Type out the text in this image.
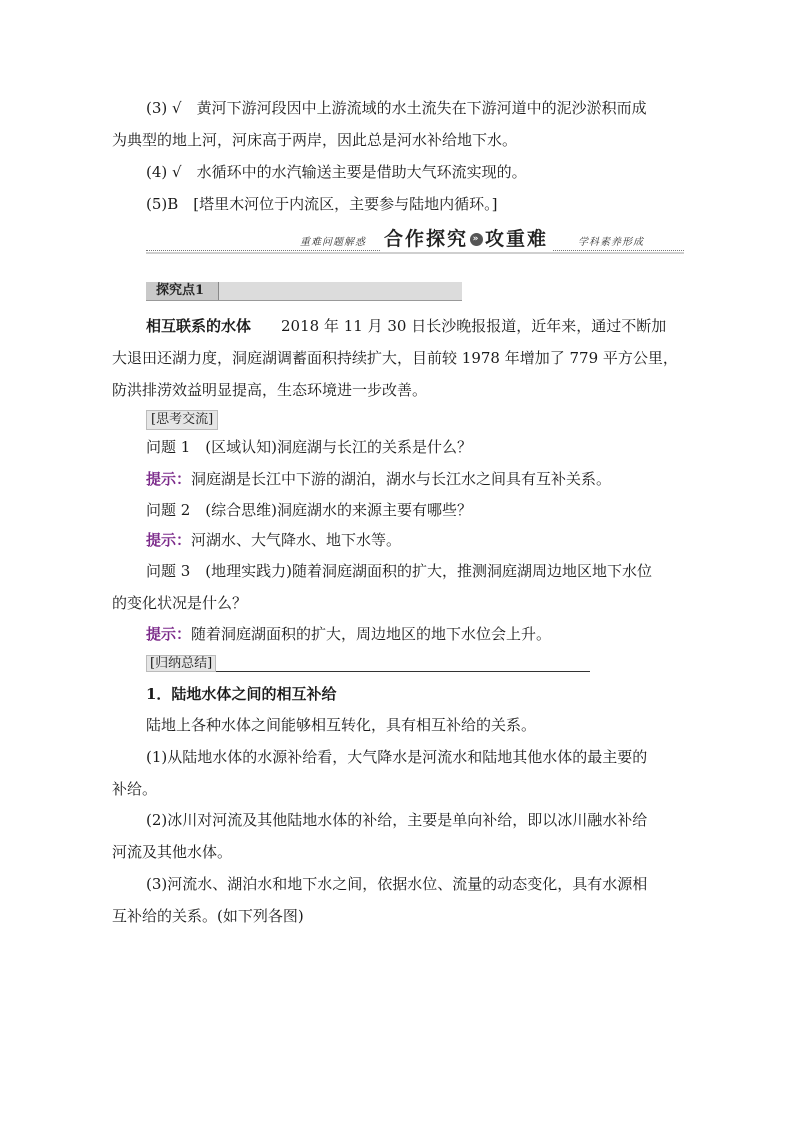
(3) √　黄河下游河段因中上游流域的水土流失在下游河道中的泥沙淤积而成

为典型的地上河，河床高于两岸，因此总是河水补给地下水。

(4) √　水循环中的水汽输送主要是借助大气环流实现的。

(5)B　[塔里木河位于内流区，主要参与陆地内循环。]

重难问题解惑 合作探究 » 攻重难	学科素养形成
探究点1

相互联系的水体　　2018 年 11 月 30 日长沙晚报报道，近年来，通过不断加

大退田还湖力度，洞庭湖调蓄面积持续扩大，目前较 1978 年增加了 779 平方公里，

防洪排涝效益明显提高，生态环境进一步改善。

[思考交流]

问题 1　(区域认知)洞庭湖与长江的关系是什么？

提示：洞庭湖是长江中下游的湖泊，湖水与长江水之间具有互补关系。

问题 2　(综合思维)洞庭湖水的来源主要有哪些？

提示：河湖水、大气降水、地下水等。

问题 3　(地理实践力)随着洞庭湖面积的扩大，推测洞庭湖周边地区地下水位

的变化状况是什么？

提示：随着洞庭湖面积的扩大，周边地区的地下水位会上升。

[归纳总结]

1．陆地水体之间的相互补给

陆地上各种水体之间能够相互转化，具有相互补给的关系。

(1)从陆地水体的水源补给看，大气降水是河流水和陆地其他水体的最主要的

补给。

(2)冰川对河流及其他陆地水体的补给，主要是单向补给，即以冰川融水补给

河流及其他水体。

(3)河流水、湖泊水和地下水之间，依据水位、流量的动态变化，具有水源相

互补给的关系。(如下列各图)
